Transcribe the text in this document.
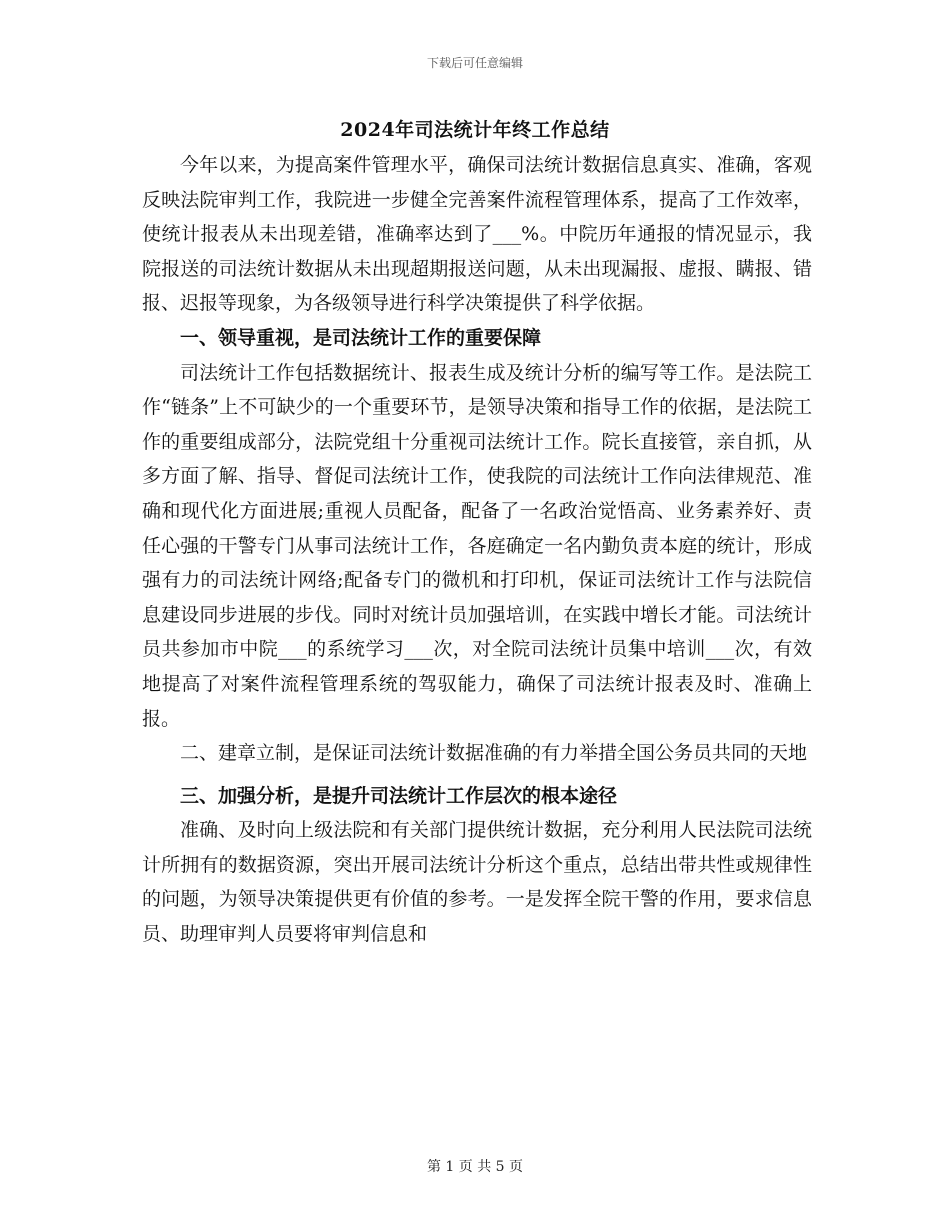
下载后可任意编辑
2024年司法统计年终工作总结

今年以来，为提高案件管理水平，确保司法统计数据信息真实、准确，客观反映法院审判工作，我院进一步健全完善案件流程管理体系，提高了工作效率，使统计报表从未出现差错，准确率达到了___%。中院历年通报的情况显示，我院报送的司法统计数据从未出现超期报送问题，从未出现漏报、虚报、瞒报、错报、迟报等现象，为各级领导进行科学决策提供了科学依据。

一、领导重视，是司法统计工作的重要保障

司法统计工作包括数据统计、报表生成及统计分析的编写等工作。是法院工作“链条”上不可缺少的一个重要环节，是领导决策和指导工作的依据，是法院工作的重要组成部分，法院党组十分重视司法统计工作。院长直接管，亲自抓，从多方面了解、指导、督促司法统计工作，使我院的司法统计工作向法律规范、准确和现代化方面进展;重视人员配备，配备了一名政治觉悟高、业务素养好、责任心强的干警专门从事司法统计工作，各庭确定一名内勤负责本庭的统计，形成强有力的司法统计网络;配备专门的微机和打印机，保证司法统计工作与法院信息建设同步进展的步伐。同时对统计员加强培训，在实践中增长才能。司法统计员共参加市中院___的系统学习___次，对全院司法统计员集中培训___次，有效地提高了对案件流程管理系统的驾驭能力，确保了司法统计报表及时、准确上报。

二、建章立制，是保证司法统计数据准确的有力举措全国公务员共同的天地

三、加强分析，是提升司法统计工作层次的根本途径

准确、及时向上级法院和有关部门提供统计数据，充分利用人民法院司法统计所拥有的数据资源，突出开展司法统计分析这个重点，总结出带共性或规律性的问题，为领导决策提供更有价值的参考。一是发挥全院干警的作用，要求信息员、助理审判人员要将审判信息和

第 1 页 共 5 页
